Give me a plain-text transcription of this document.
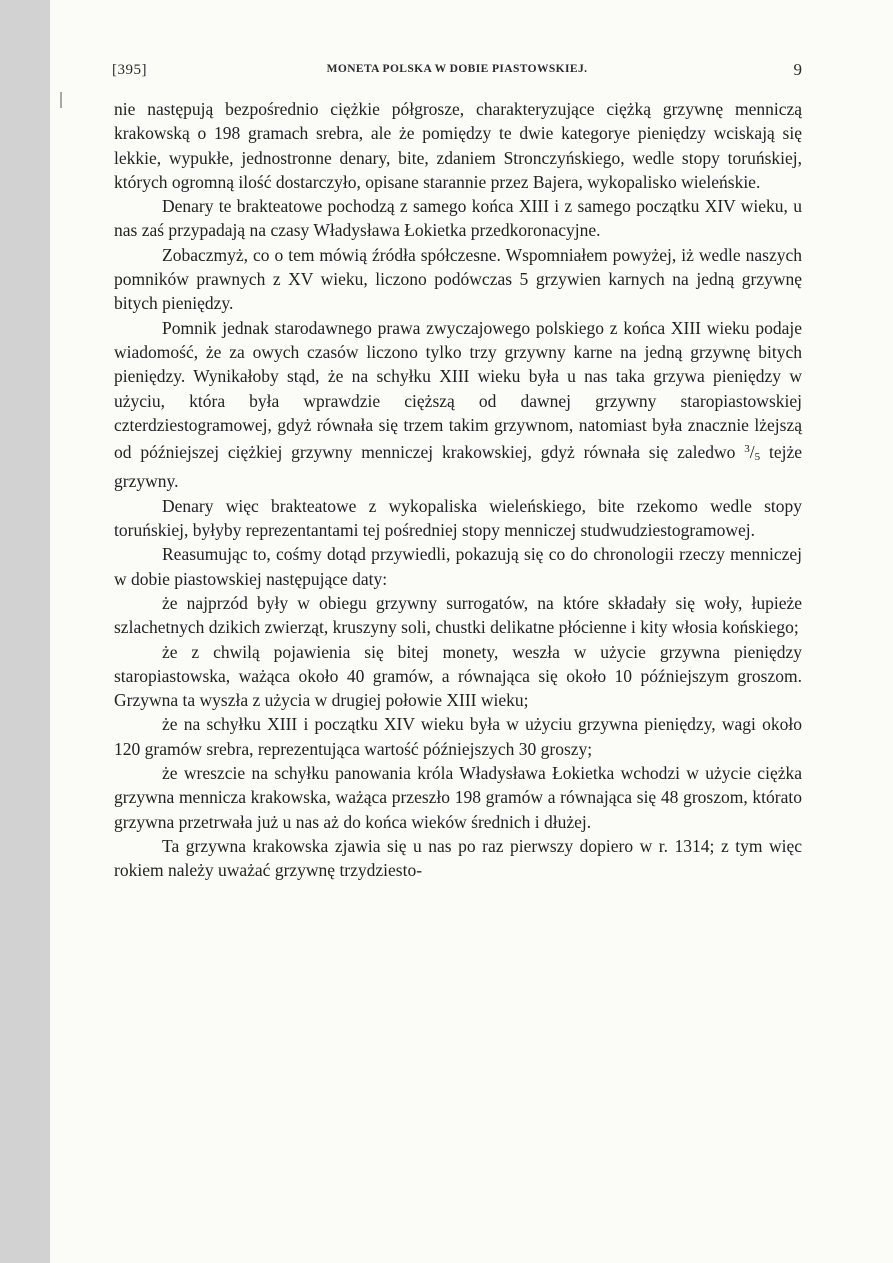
[395]	MONETA POLSKA W DOBIE PIASTOWSKIEJ.	9

nie następują bezpośrednio ciężkie półgrosze, charakteryzujące ciężką grzywnę menniczą krakowską o 198 gramach srebra, ale że pomiędzy te dwie kategorye pieniędzy wciskają się lekkie, wypukłe, jednostronne denary, bite, zdaniem Stronczyńskiego, wedle stopy toruńskiej, których ogromną ilość dostarczyło, opisane starannie przez Bajera, wykopalisko wieleńskie.

Denary te brakteatowe pochodzą z samego końca XIII i z samego początku XIV wieku, u nas zaś przypadają na czasy Władysława Łokietka przedkoronacyjne.

Zobaczmyż, co o tem mówią źródła spółczesne. Wspomniałem powyżej, iż wedle naszych pomników prawnych z XV wieku, liczono podówczas 5 grzywien karnych na jedną grzywnę bitych pieniędzy.

Pomnik jednak starodawnego prawa zwyczajowego polskiego z końca XIII wieku podaje wiadomość, że za owych czasów liczono tylko trzy grzywny karne na jedną grzywnę bitych pieniędzy. Wynikałoby stąd, że na schyłku XIII wieku była u nas taka grzywa pieniędzy w użyciu, która była wprawdzie cięższą od dawnej grzywny staropiastowskiej czterdziestogramowej, gdyż równała się trzem takim grzywnom, natomiast była znacznie lżejszą od późniejszej ciężkiej grzywny menniczej krakowskiej, gdyż równała się zaledwo $^3/_5$ tejże grzywny.

Denary więc brakteatowe z wykopaliska wieleńskiego, bite rzekomo wedle stopy toruńskiej, byłyby reprezentantami tej pośredniej stopy menniczej studwudziestogramowej.

Reasumując to, cośmy dotąd przywiedli, pokazują się co do chronologii rzeczy menniczej w dobie piastowskiej następujące daty:

że najprzód były w obiegu grzywny surrogatów, na które składały się woły, łupieże szlachetnych dzikich zwierząt, kruszyny soli, chustki delikatne płócienne i kity włosia końskiego;

że z chwilą pojawienia się bitej monety, weszła w użycie grzywna pieniędzy staropiastowska, ważąca około 40 gramów, a równająca się około 10 późniejszym groszom. Grzywna ta wyszła z użycia w drugiej połowie XIII wieku;

że na schyłku XIII i początku XIV wieku była w użyciu grzywna pieniędzy, wagi około 120 gramów srebra, reprezentująca wartość późniejszych 30 groszy;

że wreszcie na schyłku panowania króla Władysława Łokietka wchodzi w użycie ciężka grzywna mennicza krakowska, ważąca przeszło 198 gramów a równająca się 48 groszom, któratо grzywna przetrwała już u nas aż do końca wieków średnich i dłużej.

Ta grzywna krakowska zjawia się u nas po raz pierwszy dopiero w r. 1314; z tym więc rokiem należy uważać grzywnę trzydziesto-
